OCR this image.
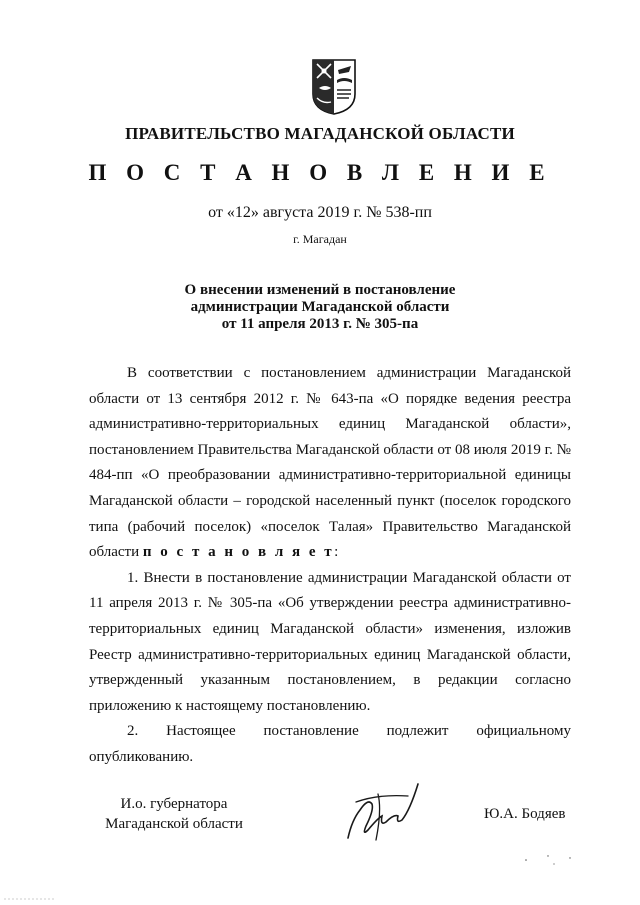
ПРАВИТЕЛЬСТВО МАГАДАНСКОЙ ОБЛАСТИ
П О С Т А Н О В Л Е Н И Е
от «12» августа 2019 г. № 538-пп
г. Магадан
О внесении изменений в постановление
администрации Магаданской области
от 11 апреля 2013 г. № 305-па

В соответствии с постановлением администрации Магаданской области от 13 сентября 2012 г. № 643-па «О порядке ведения реестра административно-территориальных единиц Магаданской области», постановлением Правительства Магаданской области от 08 июля 2019 г. № 484-пп «О преобразовании административно-территориальной единицы Магаданской области – городской населенный пункт (поселок городского типа (рабочий поселок) «поселок Талая» Правительство Магаданской области п о с т а н о в л я е т:

1. Внести в постановление администрации Магаданской области от 11 апреля 2013 г. № 305-па «Об утверждении реестра административно-территориальных единиц Магаданской области» изменения, изложив Реестр административно-территориальных единиц Магаданской области, утвержденный указанным постановлением, в редакции согласно приложению к настоящему постановлению.

2. Настоящее постановление подлежит официальному опубликованию.

И.о. губернатора
Магаданской области
Ю.А. Бодяев
